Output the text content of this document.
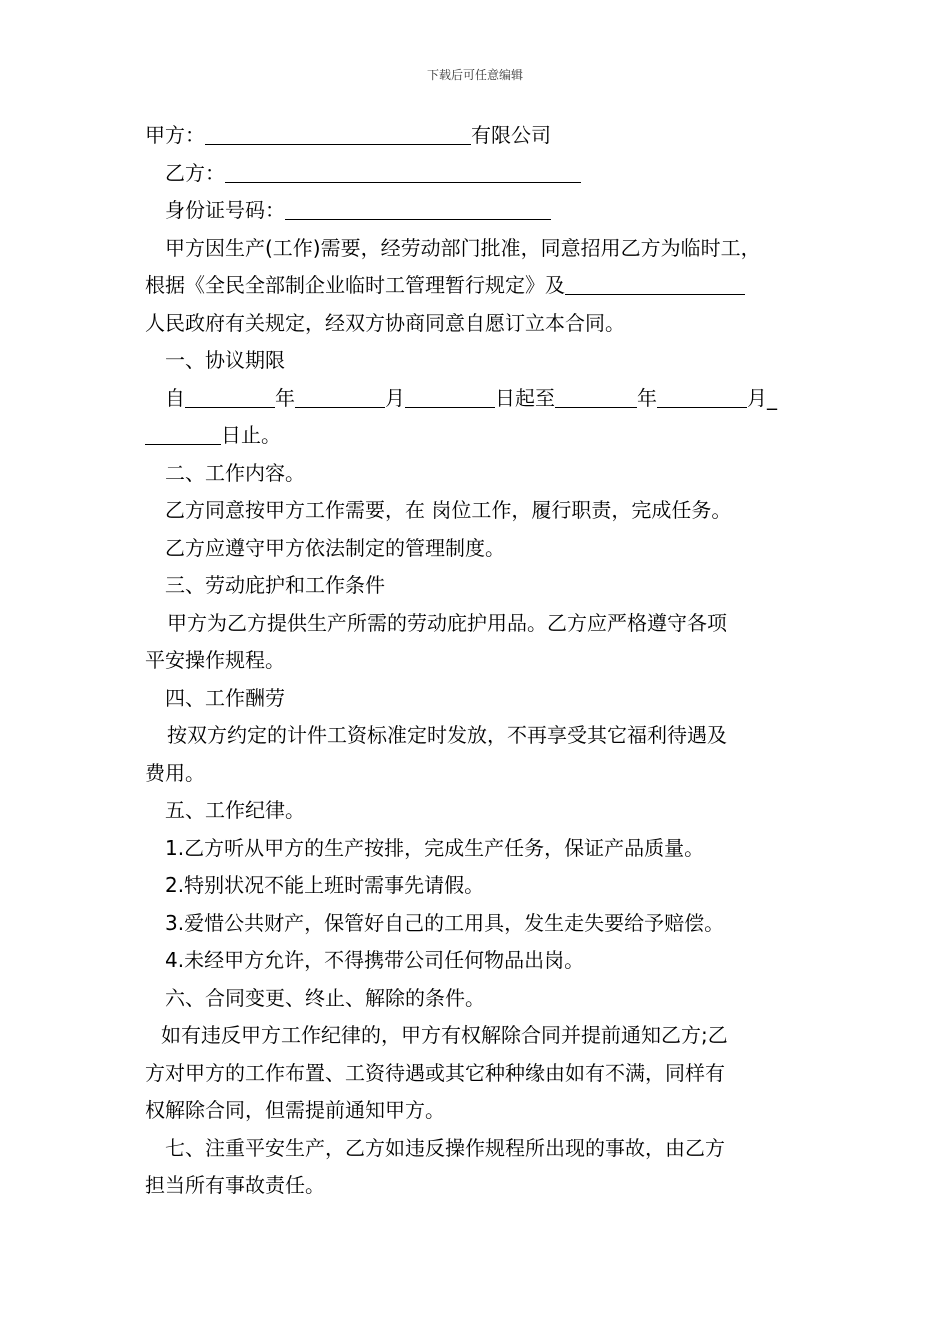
下载后可任意编辑

甲方：	有限公司

乙方：

身份证号码：

甲方因生产(工作)需要，经劳动部门批准，同意招用乙方为临时工，

根据《全民全部制企业临时工管理暂行规定》及

人民政府有关规定，经双方协商同意自愿订立本合同。

一、协议期限

自	年	月	日起至	年	月_

日止。

二、工作内容。

乙方同意按甲方工作需要，在 岗位工作，履行职责，完成任务。

乙方应遵守甲方依法制定的管理制度。

三、劳动庇护和工作条件

甲方为乙方提供生产所需的劳动庇护用品。乙方应严格遵守各项

平安操作规程。

四、工作酬劳

按双方约定的计件工资标准定时发放，不再享受其它福利待遇及

费用。

五、工作纪律。

1.乙方听从甲方的生产按排，完成生产任务，保证产品质量。

2.特别状况不能上班时需事先请假。

3.爱惜公共财产，保管好自己的工用具，发生走失要给予赔偿。

4.未经甲方允许，不得携带公司任何物品出岗。

六、合同变更、终止、解除的条件。

如有违反甲方工作纪律的，甲方有权解除合同并提前通知乙方;乙

方对甲方的工作布置、工资待遇或其它种种缘由如有不满，同样有

权解除合同，但需提前通知甲方。

七、注重平安生产，乙方如违反操作规程所出现的事故，由乙方

担当所有事故责任。
